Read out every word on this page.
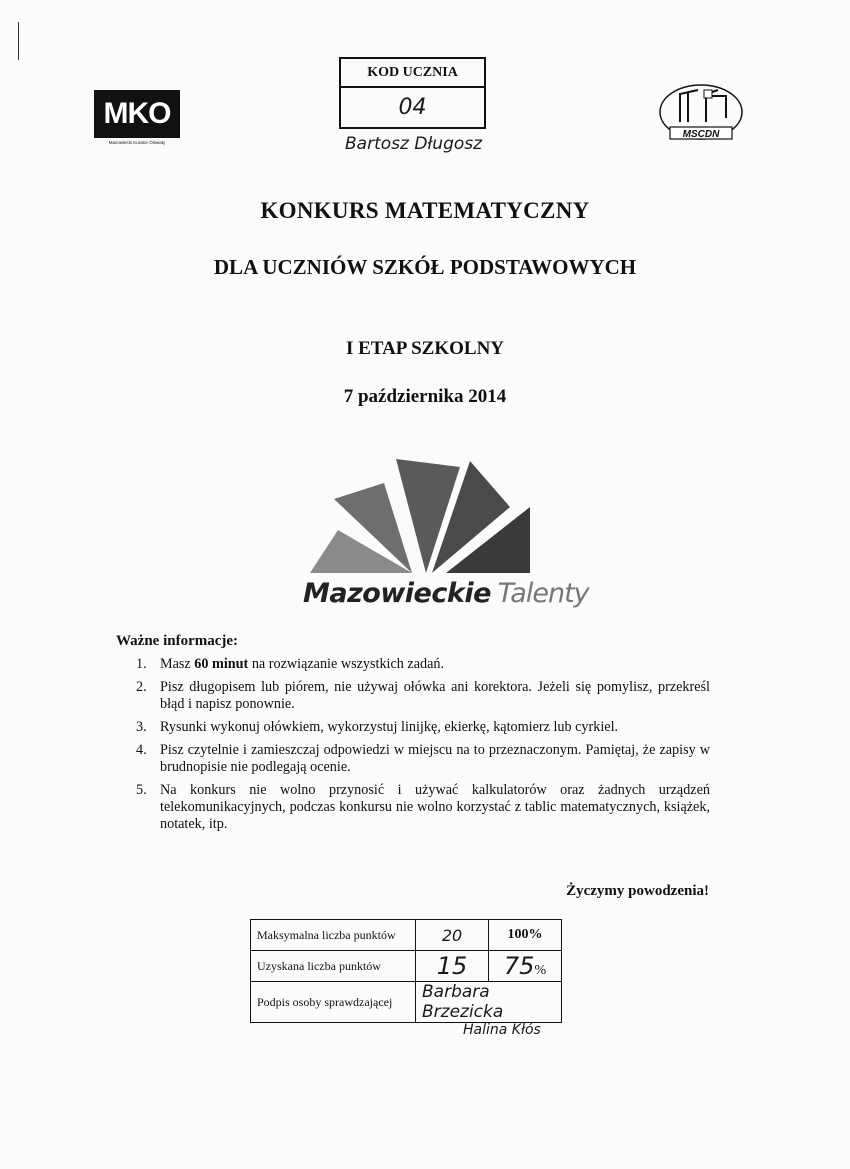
MKO
Mazowiecki Kurator Oświaty
KOD UCZNIA
04
Bartosz Długosz	MSCDN
KONKURS MATEMATYCZNY
DLA UCZNIÓW SZKÓŁ PODSTAWOWYCH
I ETAP SZKOLNY
7 października 2014
Mazowieckie Talenty
Ważne informacje:
1. Masz 60 minut na rozwiązanie wszystkich zadań.
2. Pisz długopisem lub piórem, nie używaj ołówka ani korektora. Jeżeli się pomylisz, przekreśl błąd i napisz ponownie.
3. Rysunki wykonuj ołówkiem, wykorzystuj linijkę, ekierkę, kątomierz lub cyrkiel.
4. Pisz czytelnie i zamieszczaj odpowiedzi w miejscu na to przeznaczonym. Pamiętaj, że zapisy w brudnopisie nie podlegają ocenie.
5. Na konkurs nie wolno przynosić i używać kalkulatorów oraz żadnych urządzeń telekomunikacyjnych, podczas konkursu nie wolno korzystać z tablic matematycznych, książek, notatek, itp.
Życzymy powodzenia!
Maksymalna liczba punktów	20	100%
Uzyskana liczba punktów	15	75%
Podpis osoby sprawdzającej	Barbara Brzezicka	
Halina Kłós
